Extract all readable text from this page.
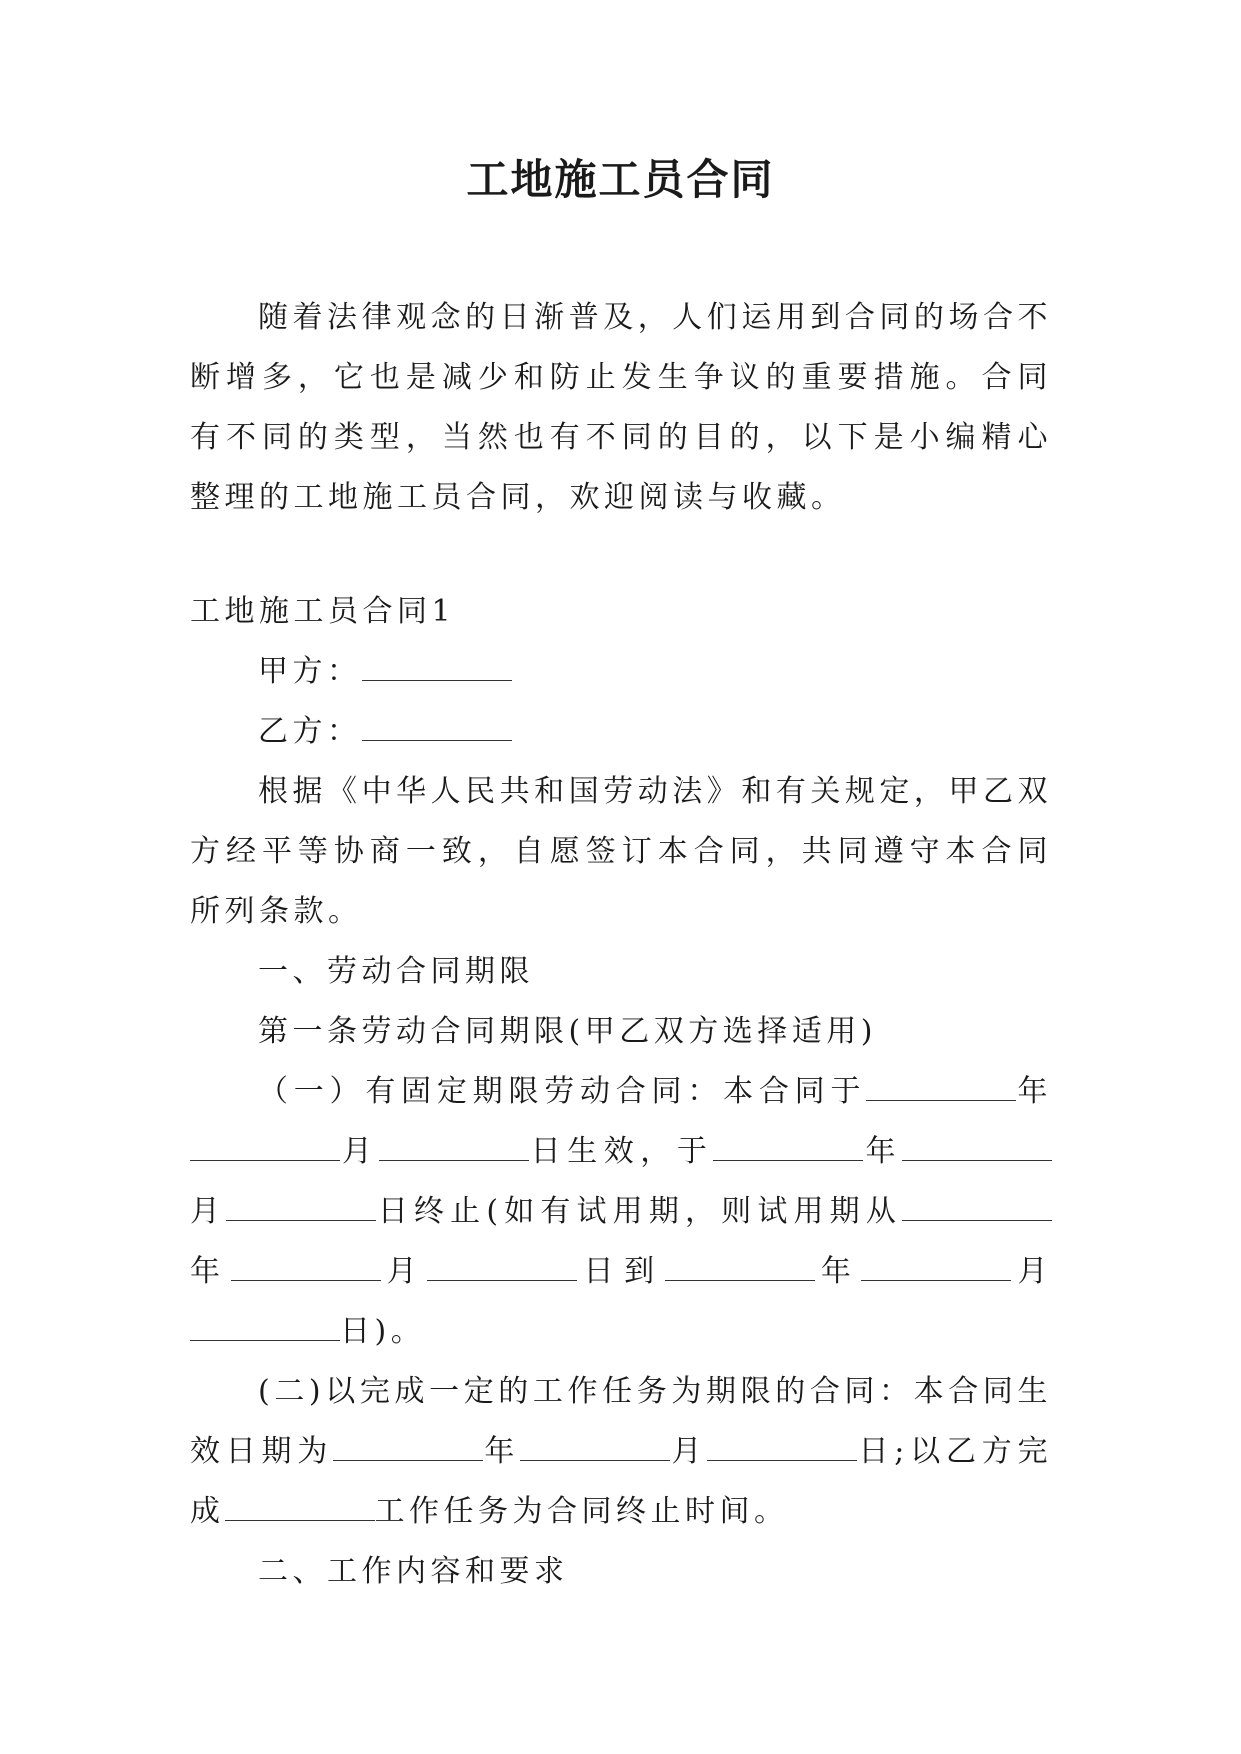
工地施工员合同

随着法律观念的日渐普及，人们运用到合同的场合不断增多，它也是减少和防止发生争议的重要措施。合同有不同的类型，当然也有不同的目的，以下是小编精心整理的工地施工员合同，欢迎阅读与收藏。

工地施工员合同1

甲方：

乙方：

根据《中华人民共和国劳动法》和有关规定，甲乙双方经平等协商一致，自愿签订本合同，共同遵守本合同所列条款。

一、劳动合同期限

第一条劳动合同期限(甲乙双方选择适用)

（一）有固定期限劳动合同：本合同于	年月	日生效，于	年月	日终止(如有试用期，则试用期从年	月	日到	年	月日)。

(二)以完成一定的工作任务为期限的合同：本合同生效日期为	年	月	日;以乙方完成	工作任务为合同终止时间。

二、工作内容和要求
